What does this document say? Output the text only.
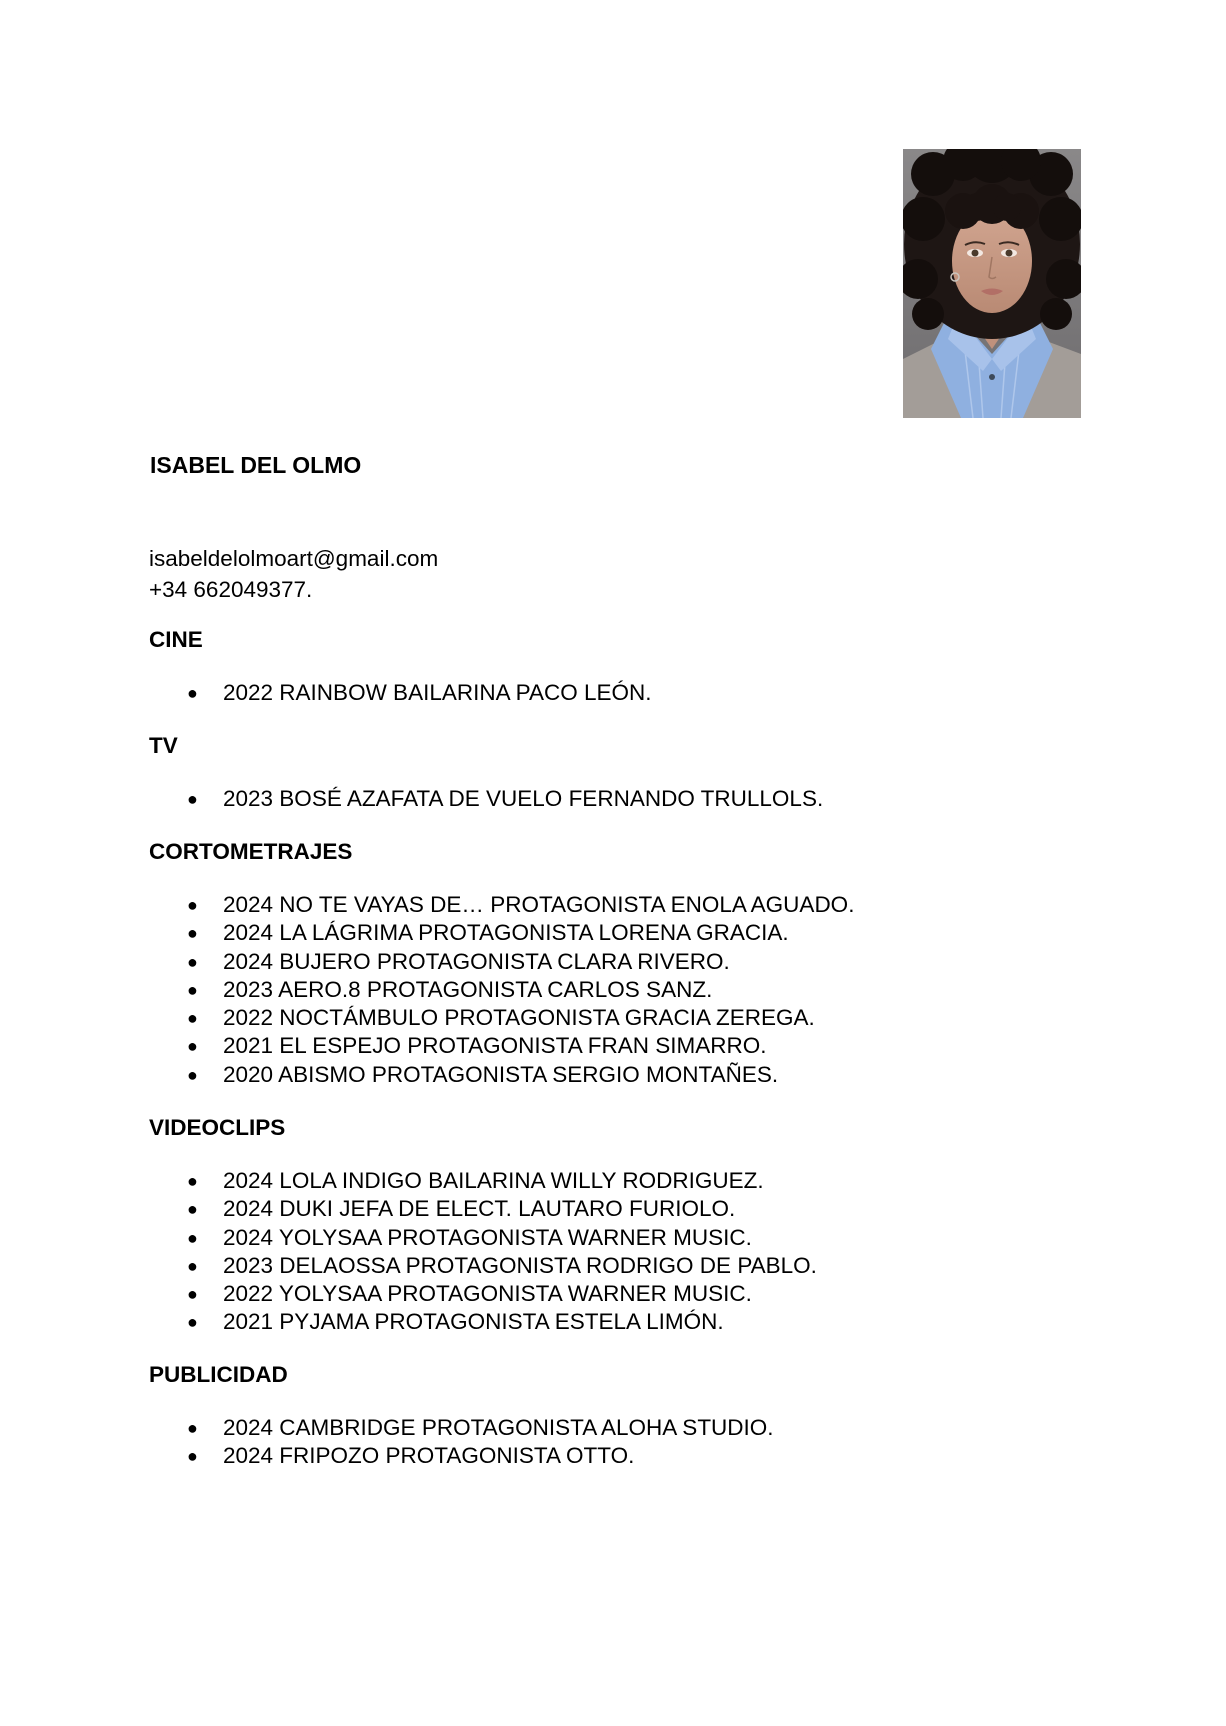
ISABEL DEL OLMO
isabeldelolmoart@gmail.com
+34 662049377.
CINE
● 2022 RAINBOW BAILARINA PACO LEÓN.
TV
● 2023 BOSÉ AZAFATA DE VUELO FERNANDO TRULLOLS.
CORTOMETRAJES
● 2024 NO TE VAYAS DE… PROTAGONISTA ENOLA AGUADO.
● 2024 LA LÁGRIMA PROTAGONISTA LORENA GRACIA.
● 2024 BUJERO PROTAGONISTA CLARA RIVERO.
● 2023 AERO.8 PROTAGONISTA CARLOS SANZ.
● 2022 NOCTÁMBULO PROTAGONISTA GRACIA ZEREGA.
● 2021 EL ESPEJO PROTAGONISTA FRAN SIMARRO.
● 2020 ABISMO PROTAGONISTA SERGIO MONTAÑES.
VIDEOCLIPS
● 2024 LOLA INDIGO BAILARINA WILLY RODRIGUEZ.
● 2024 DUKI JEFA DE ELECT. LAUTARO FURIOLO.
● 2024 YOLYSAA PROTAGONISTA WARNER MUSIC.
● 2023 DELAOSSA PROTAGONISTA RODRIGO DE PABLO.
● 2022 YOLYSAA PROTAGONISTA WARNER MUSIC.
● 2021 PYJAMA PROTAGONISTA ESTELA LIMÓN.
PUBLICIDAD
● 2024 CAMBRIDGE PROTAGONISTA ALOHA STUDIO.
● 2024 FRIPOZO PROTAGONISTA OTTO.
